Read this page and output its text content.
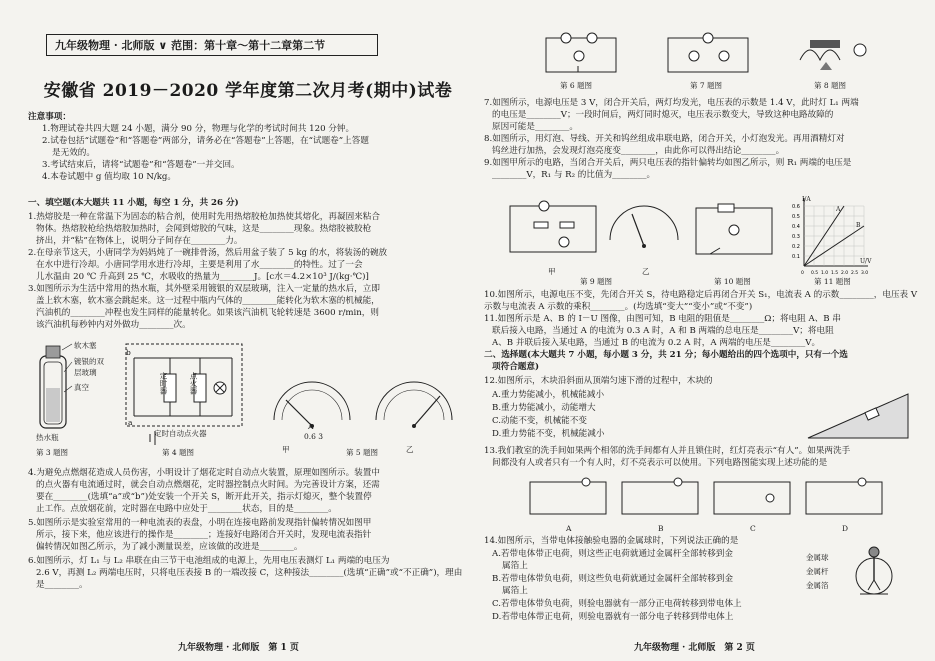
九年级物理 · 北师版 ∨ 范围：第十章～第十二章第二节
安徽省 2019－2020 学年度第二次月考(期中)试卷
注意事项：
1.物理试卷共四大题 24 小题，满分 90 分，物理与化学的考试时间共 120 分钟。
2.试卷包括“试题卷”和“答题卷”两部分，请务必在“答题卷”上答题，在“试题卷”上答题
是无效的。
3.考试结束后，请将“试题卷”和“答题卷”一并交回。
4.本卷试题中 g 值均取 10 N/kg。
一、填空题(本大题共 11 小题，每空 1 分，共 26 分)
1.热熔胶是一种在常温下为固态的粘合剂，使用时先用热熔胶枪加热使其熔化，再凝固来粘合
物体。热熔胶枪给热熔胶加热时，会闻到熔胶的气味，这是________现象。热熔胶被胶枪
挤出，并“粘”在物体上，说明分子间存在________力。
2.在母亲节这天，小唐同学为妈妈炖了一碗排骨汤，然后用盆子装了 5 kg 的水，将装汤的碗放
在水中进行冷却。小唐同学用水进行冷却，主要是利用了水________的特性。过了一会
儿水温由 20 ℃ 升高到 25 ℃，水吸收的热量为________J。[c水＝4.2×10³ J/(kg·℃)]
3.如图所示为生活中常用的热水瓶，其外壁采用镀银的双层玻璃，注入一定量的热水后，立即
盖上软木塞，软木塞会跳起来。这一过程中瓶内气体的________能转化为软木塞的机械能，
汽油机的________冲程也发生同样的能量转化。如果该汽油机飞轮转速是 3600 r/min，则
该汽油机每秒钟内对外做功________次。
软木塞
镀银的双层玻璃
真空
热水瓶
第 3 题图
定时器	点火器
b
a
定时自动点火器
第 4 题图
A
0.6 3
甲	乙
第 5 题图
4.为避免点燃烟花造成人员伤害，小明设计了烟花定时自动点火装置，原理如图所示。装置中
的点火器有电流通过时，就会自动点燃烟花，定时器控制点火时间。为完善设计方案，还需
要在________(选填“a”或“b”)处安装一个开关 S，断开此开关，指示灯熄灭，整个装置停
止工作。点放烟花前，定时器在电路中应处于________状态，目的是________。
5.如图所示是实验室常用的一种电流表的表盘，小明在连接电路前发现指针偏转情况如图甲
所示，接下来，他应该进行的操作是________；连接好电路闭合开关时，发现电流表指针
偏转情况如图乙所示，为了减小测量误差，应该做的改进是________。
6.如图所示，灯 L₁ 与 L₂ 串联在由三节干电池组成的电源上，先用电压表测灯 L₁ 两端的电压为
2.6 V，再测 L₂ 两端电压时，只将电压表接 B 的一端改接 C，这种接法________(选填“正确”或“不正确”)，理由是________。
九年级物理 · 北师版　第 1 页
第 6 题图	第 7 题图	第 8 题图
7.如图所示，电源电压是 3 V，闭合开关后，两灯均发光，电压表的示数是 1.4 V，此时灯 L₁ 两端
的电压是________V；一段时间后，两灯同时熄灭，电压表示数变大，导致这种电路故障的
原因可能是________。
8.如图所示，用灯泡、导线、开关和钨丝组成串联电路，闭合开关，小灯泡发光。再用酒精灯对
钨丝进行加热，会发现灯泡亮度变________，由此你可以得出结论________。
9.如图甲所示的电路，当闭合开关后，两只电压表的指针偏转均如图乙所示，则 R₁ 两端的电压是
________V，R₁ 与 R₂ 的比值为________。
甲	乙
第 9 题图	第 10 题图
0.6
0.5
0.4
0.3
0.2
0.1
0 0.5 1.0 1.5 2.0 2.5 3.0
I/A
U/V
A
B
第 11 题图
10.如图所示，电源电压不变，先闭合开关 S，待电路稳定后再闭合开关 S₁，电流表 A 的示数________，电压表 V 示数与电流表 A 示数的乘积________。(均选填“变大”“变小”或“不变”)
11.如图所示是 A、B 的 I－U 图像，由图可知，B 电阻的阻值是________Ω；将电阻 A、B 串
联后接入电路，当通过 A 的电流为 0.3 A 时，A 和 B 两端的总电压是________V；将电阻
A、B 并联后接入某电路，当通过 B 的电流为 0.2 A 时，A 两端的电压是________V。
二、选择题(本大题共 7 小题，每小题 3 分，共 21 分；每小题给出的四个选项中，只有一个选
项符合题意)
12.如图所示，木块沿斜面从顶端匀速下滑的过程中，木块的
A.重力势能减小，机械能减小
B.重力势能减小，动能增大
C.动能不变，机械能不变
D.重力势能不变，机械能减小
13.我们教室的洗手间如果两个相邻的洗手间都有人并且锁住时，红灯亮表示“有人”。如果两洗手
间都没有人或者只有一个有人时，灯不亮表示可以使用。下列电路图能实现上述功能的是
A	B	C	D
14.如图所示，当带电体接触验电器的金属球时，下列说法正确的是
A.若带电体带正电荷，则这些正电荷就通过金属杆全部转移到金
属箔上
B.若带电体带负电荷，则这些负电荷就通过金属杆全部转移到金
属箔上
C.若带电体带负电荷，则验电器就有一部分正电荷转移到带电体上
D.若带电体带正电荷，则验电器就有一部分电子转移到带电体上
金属球
金属杆
金属箔
九年级物理 · 北师版　第 2 页
